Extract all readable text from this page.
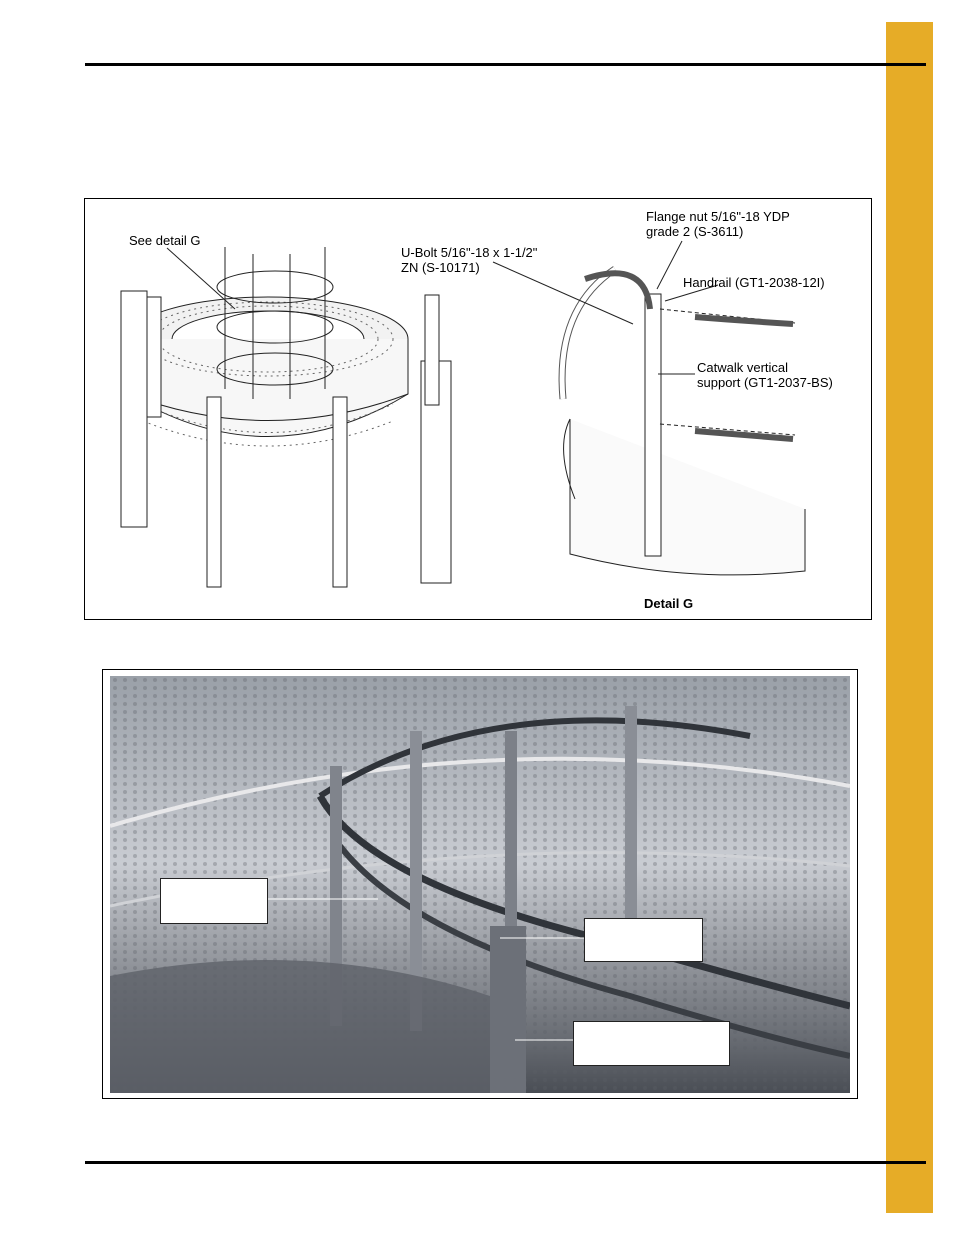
See detail G
U-Bolt 5/16"-18 x 1-1/2"
ZN (S-10171)
Flange nut 5/16"-18 YDP
grade 2 (S-3611)
Handrail (GT1-2038-12I)
Catwalk vertical
support (GT1-2037-BS)
Detail G
